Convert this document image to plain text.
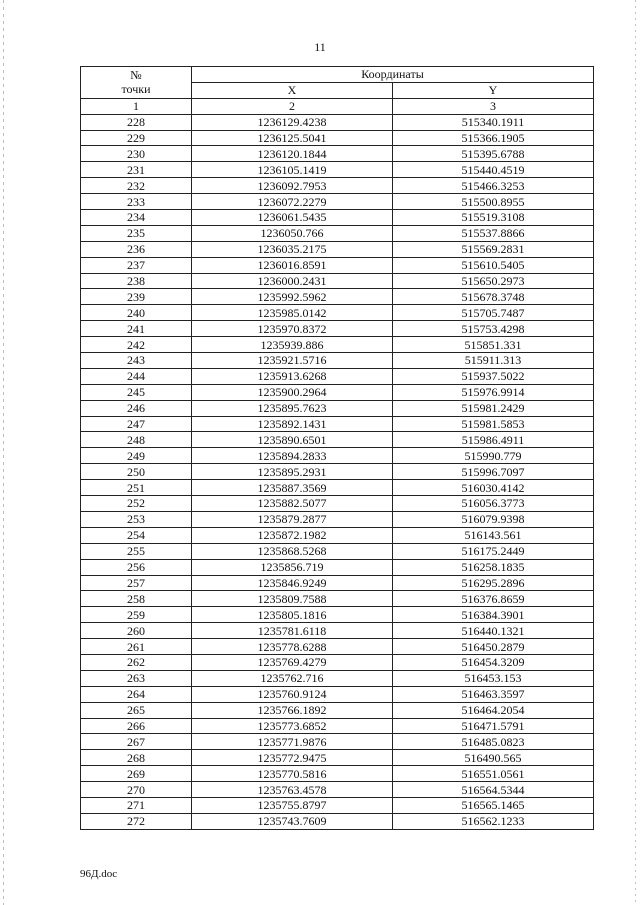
11
№
точки	Координаты	
	X	Y
1	2	3
228	1236129.4238	515340.1911
229	1236125.5041	515366.1905
230	1236120.1844	515395.6788
231	1236105.1419	515440.4519
232	1236092.7953	515466.3253
233	1236072.2279	515500.8955
234	1236061.5435	515519.3108
235	1236050.766	515537.8866
236	1236035.2175	515569.2831
237	1236016.8591	515610.5405
238	1236000.2431	515650.2973
239	1235992.5962	515678.3748
240	1235985.0142	515705.7487
241	1235970.8372	515753.4298
242	1235939.886	515851.331
243	1235921.5716	515911.313
244	1235913.6268	515937.5022
245	1235900.2964	515976.9914
246	1235895.7623	515981.2429
247	1235892.1431	515981.5853
248	1235890.6501	515986.4911
249	1235894.2833	515990.779
250	1235895.2931	515996.7097
251	1235887.3569	516030.4142
252	1235882.5077	516056.3773
253	1235879.2877	516079.9398
254	1235872.1982	516143.561
255	1235868.5268	516175.2449
256	1235856.719	516258.1835
257	1235846.9249	516295.2896
258	1235809.7588	516376.8659
259	1235805.1816	516384.3901
260	1235781.6118	516440.1321
261	1235778.6288	516450.2879
262	1235769.4279	516454.3209
263	1235762.716	516453.153
264	1235760.9124	516463.3597
265	1235766.1892	516464.2054
266	1235773.6852	516471.5791
267	1235771.9876	516485.0823
268	1235772.9475	516490.565
269	1235770.5816	516551.0561
270	1235763.4578	516564.5344
271	1235755.8797	516565.1465
272	1235743.7609	516562.1233
96Д.doc
